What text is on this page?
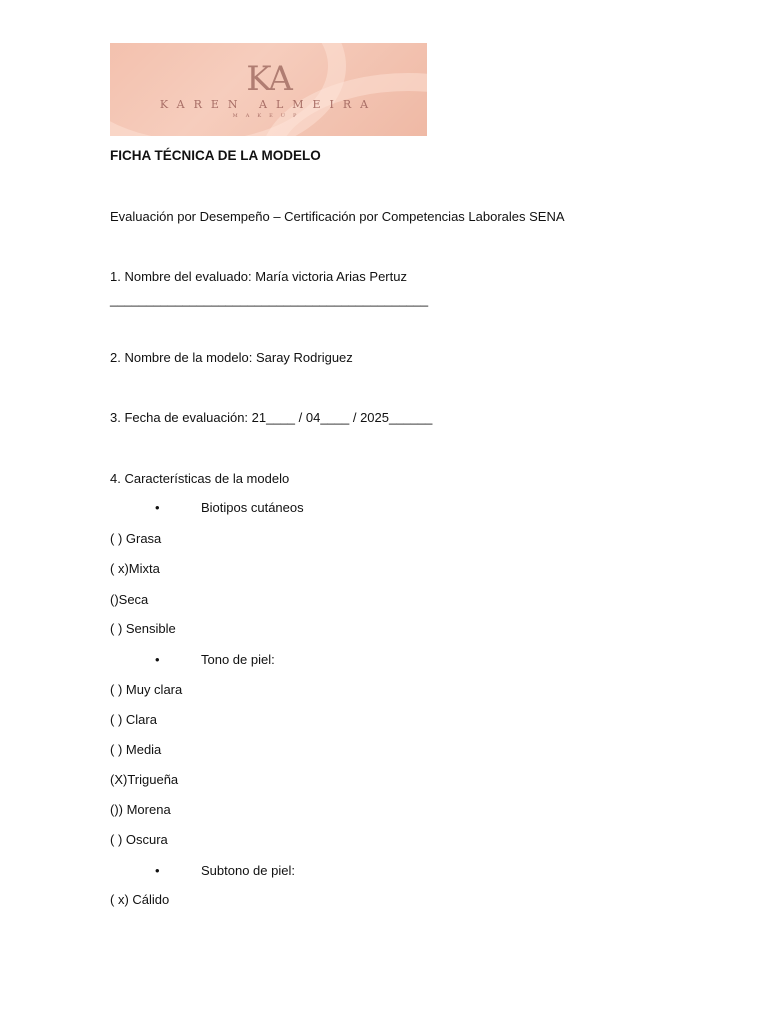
KA
KAREN ALMEIRA
MAKEUP
FICHA TÉCNICA DE LA MODELO
Evaluación por Desempeño – Certificación por Competencias Laborales SENA
1. Nombre del evaluado: María victoria Arias Pertuz
____________________________________________
2. Nombre de la modelo: Saray Rodriguez
3. Fecha de evaluación: 21____ / 04____ / 2025______
4. Características de la modelo
•	Biotipos cutáneos
( ) Grasa
( x)Mixta
()Seca
( ) Sensible
•	Tono de piel:
( ) Muy clara
( ) Clara
( ) Media
(X)Trigueña
()) Morena
( ) Oscura
•	Subtono de piel:
( x) Cálido
